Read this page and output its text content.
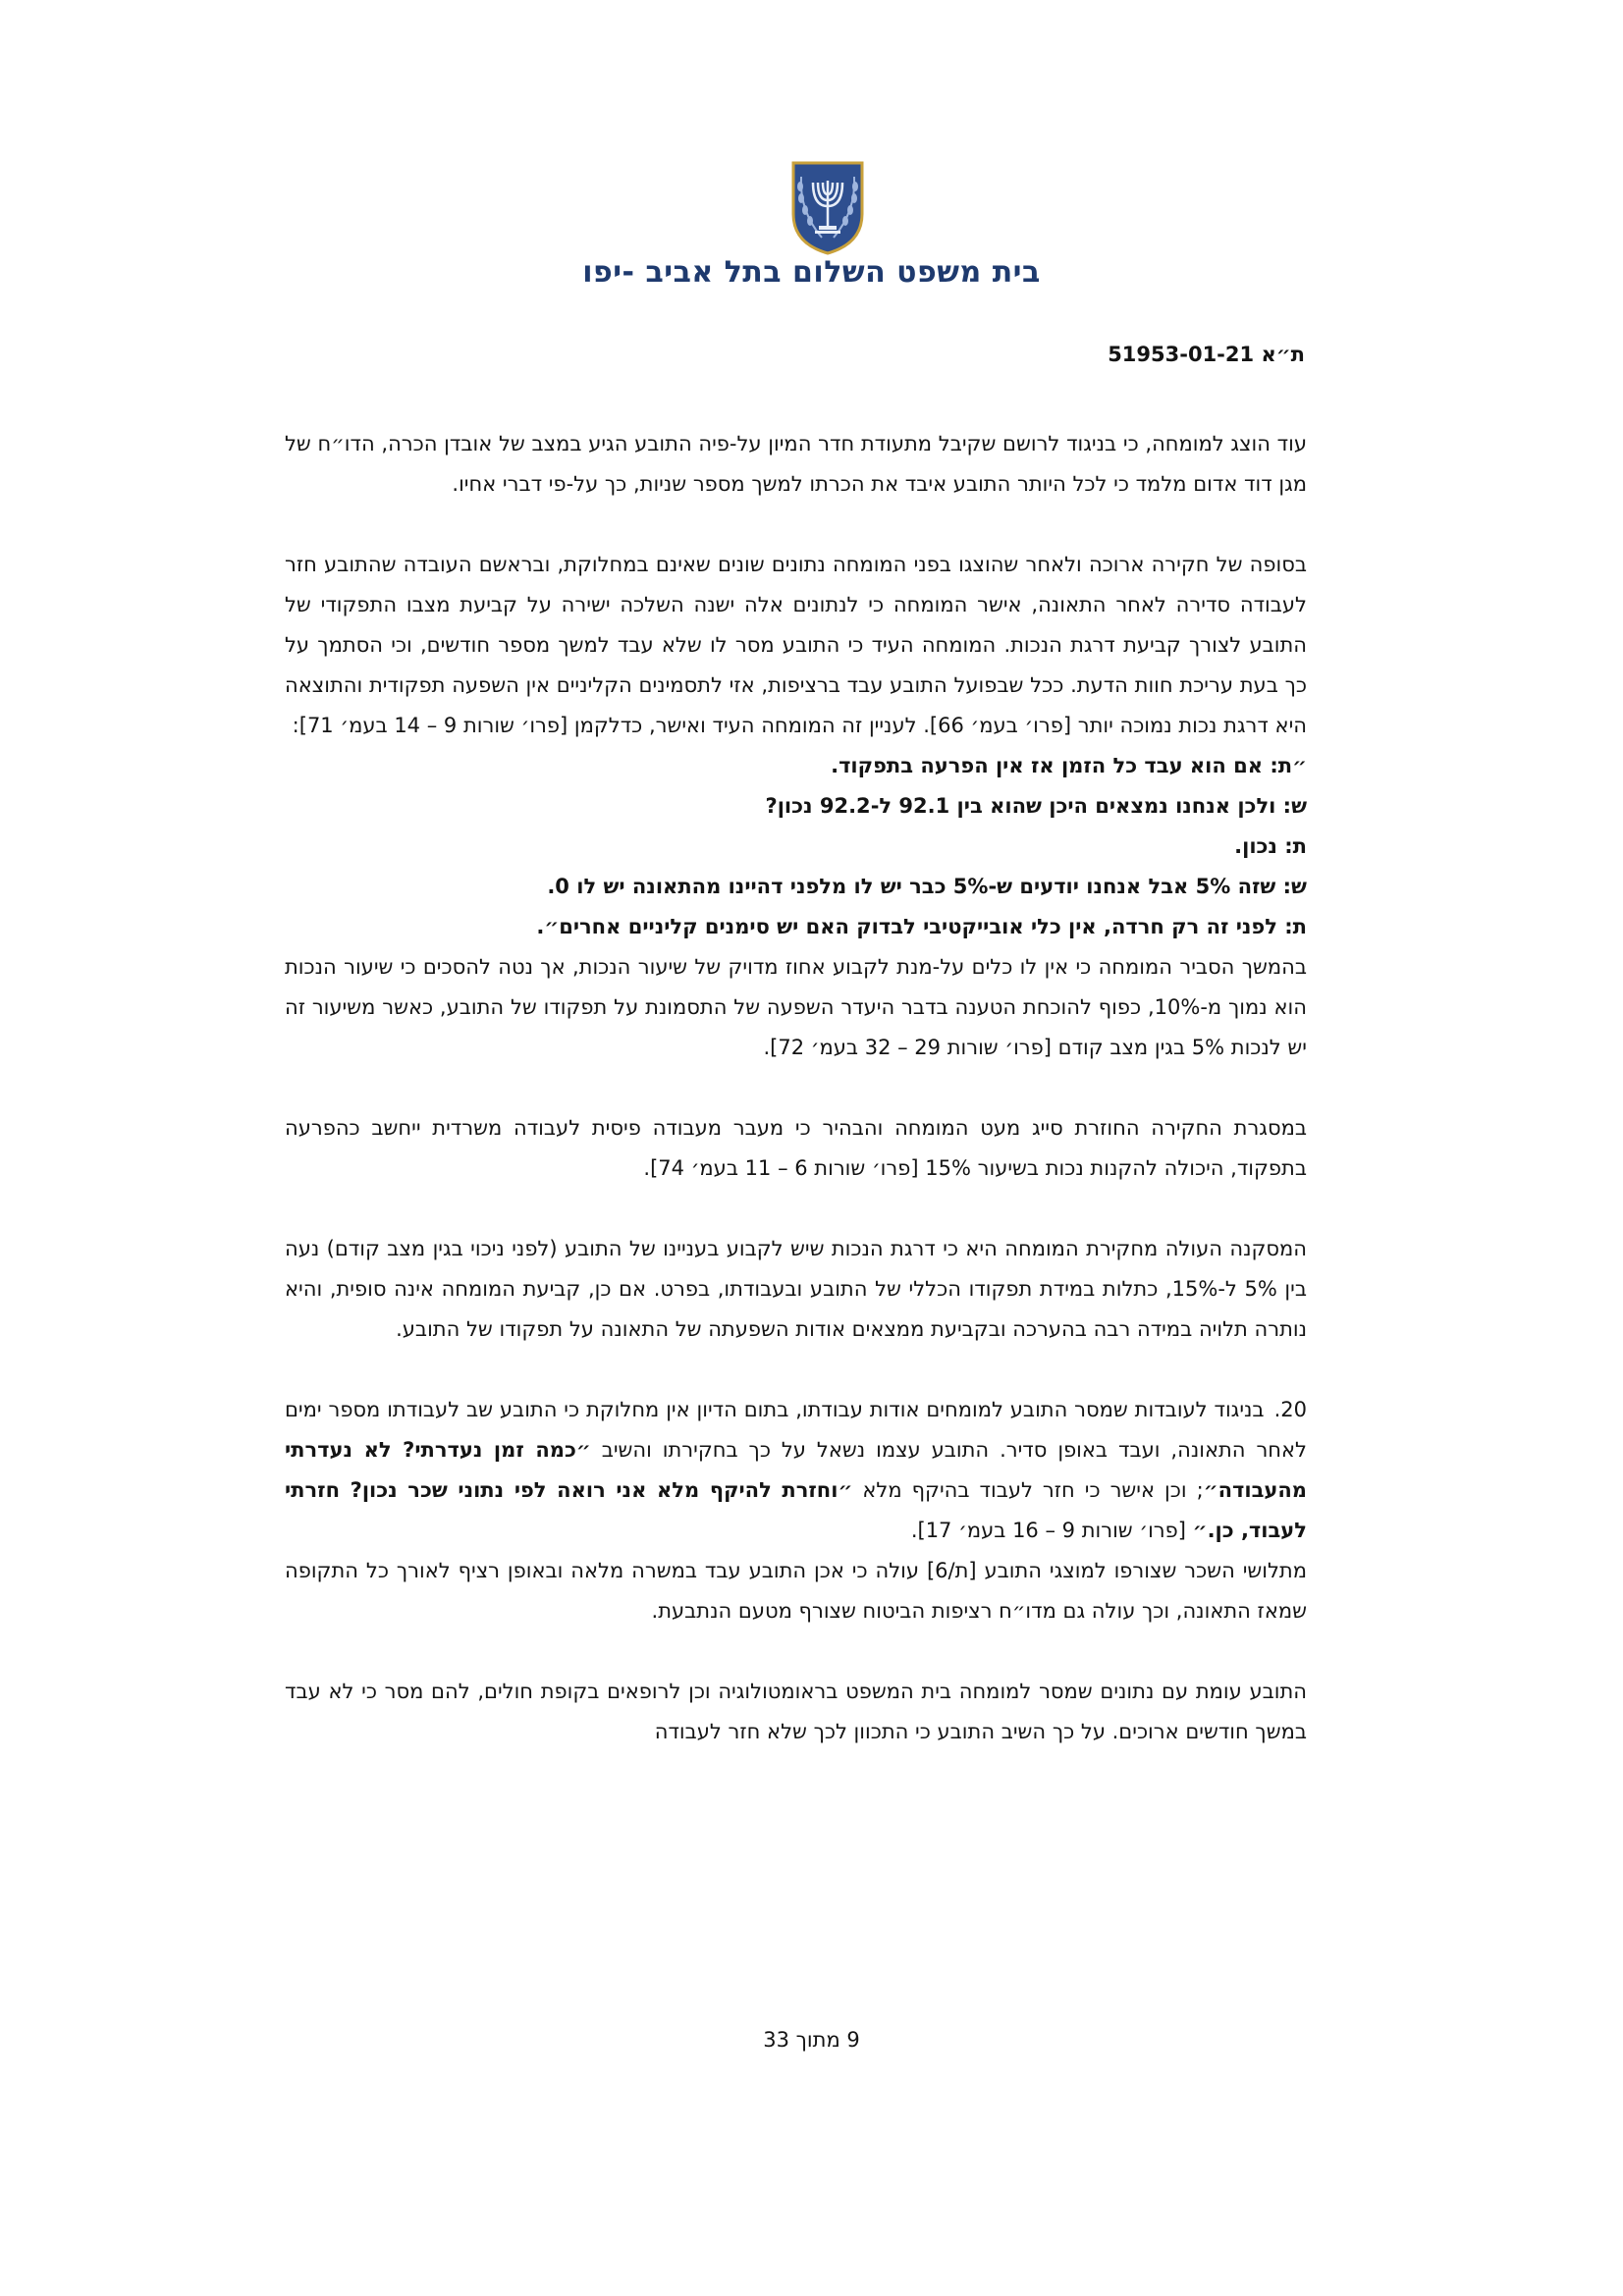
בית משפט השלום בתל אביב -יפו
ת״א 51953-01-21

עוד הוצג למומחה, כי בניגוד לרושם שקיבל מתעודת חדר המיון על-פיה התובע הגיע במצב של אובדן הכרה, הדו״ח של מגן דוד אדום מלמד כי לכל היותר התובע איבד את הכרתו למשך מספר שניות, כך על-פי דברי אחיו.

בסופה של חקירה ארוכה ולאחר שהוצגו בפני המומחה נתונים שונים שאינם במחלוקת, ובראשם העובדה שהתובע חזר לעבודה סדירה לאחר התאונה, אישר המומחה כי לנתונים אלה ישנה השלכה ישירה על קביעת מצבו התפקודי של התובע לצורך קביעת דרגת הנכות. המומחה העיד כי התובע מסר לו שלא עבד למשך מספר חודשים, וכי הסתמך על כך בעת עריכת חוות הדעת. ככל שבפועל התובע עבד ברציפות, אזי לתסמינים הקליניים אין השפעה תפקודית והתוצאה היא דרגת נכות נמוכה יותר [פרו׳ בעמ׳ 66]. לעניין זה המומחה העיד ואישר, כדלקמן [פרו׳ שורות 9 – 14 בעמ׳ 71]:

״ת: אם הוא עבד כל הזמן אז אין הפרעה בתפקוד.

ש: ולכן אנחנו נמצאים היכן שהוא בין 92.1 ל-92.2 נכון?

ת: נכון.

ש: שזה 5% אבל אנחנו יודעים ש-5% כבר יש לו מלפני דהיינו מהתאונה יש לו 0.

ת: לפני זה רק חרדה, אין כלי אובייקטיבי לבדוק האם יש סימנים קליניים אחרים״.

בהמשך הסביר המומחה כי אין לו כלים על-מנת לקבוע אחוז מדויק של שיעור הנכות, אך נטה להסכים כי שיעור הנכות הוא נמוך מ-10%, כפוף להוכחת הטענה בדבר היעדר השפעה של התסמונת על תפקודו של התובע, כאשר משיעור זה יש לנכות 5% בגין מצב קודם [פרו׳ שורות 29 – 32 בעמ׳ 72].

במסגרת החקירה החוזרת סייג מעט המומחה והבהיר כי מעבר מעבודה פיסית לעבודה משרדית ייחשב כהפרעה בתפקוד, היכולה להקנות נכות בשיעור 15% [פרו׳ שורות 6 – 11 בעמ׳ 74].

המסקנה העולה מחקירת המומחה היא כי דרגת הנכות שיש לקבוע בעניינו של התובע (לפני ניכוי בגין מצב קודם) נעה בין 5% ל-15%, כתלות במידת תפקודו הכללי של התובע ובעבודתו, בפרט. אם כן, קביעת המומחה אינה סופית, והיא נותרה תלויה במידה רבה בהערכה ובקביעת ממצאים אודות השפעתה של התאונה על תפקודו של התובע.

20.בניגוד לעובדות שמסר התובע למומחים אודות עבודתו, בתום הדיון אין מחלוקת כי התובע שב לעבודתו מספר ימים לאחר התאונה, ועבד באופן סדיר. התובע עצמו נשאל על כך בחקירתו והשיב ״כמה זמן נעדרתי? לא נעדרתי מהעבודה״; וכן אישר כי חזר לעבוד בהיקף מלא ״וחזרת להיקף מלא אני רואה לפי נתוני שכר נכון? חזרתי לעבוד, כן.״ [פרו׳ שורות 9 – 16 בעמ׳ 17].

מתלושי השכר שצורפו למוצגי התובע [ת/6] עולה כי אכן התובע עבד במשרה מלאה ובאופן רציף לאורך כל התקופה שמאז התאונה, וכך עולה גם מדו״ח רציפות הביטוח שצורף מטעם הנתבעת.

התובע עומת עם נתונים שמסר למומחה בית המשפט בראומטולוגיה וכן לרופאים בקופת חולים, להם מסר כי לא עבד במשך חודשים ארוכים. על כך השיב התובע כי התכוון לכך שלא חזר לעבודה

9 מתוך 33
